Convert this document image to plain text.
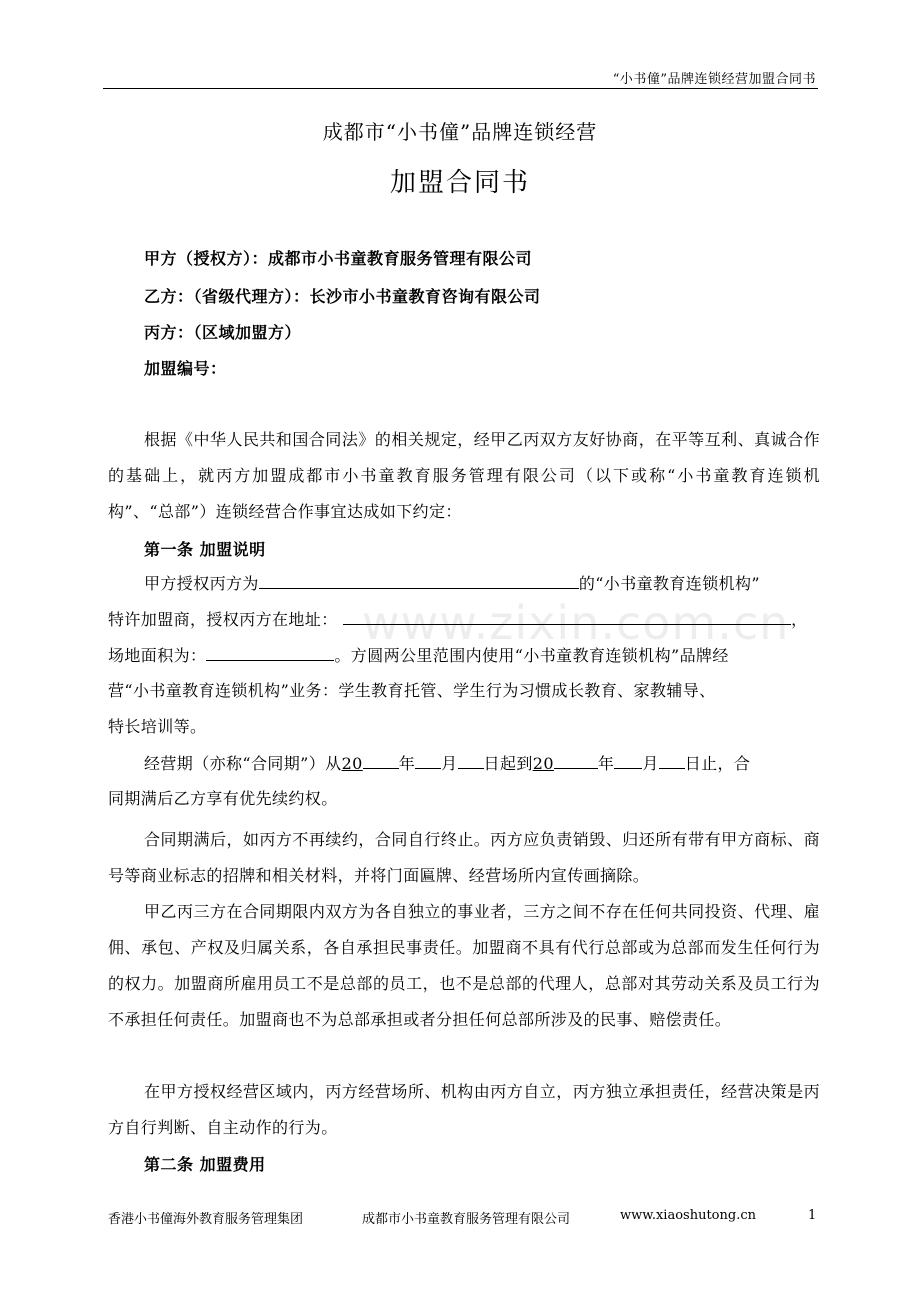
“小书僮”品牌连锁经营加盟合同书
成都市“小书僮”品牌连锁经营
加盟合同书
甲方（授权方）：成都市小书童教育服务管理有限公司
乙方：（省级代理方）：长沙市小书童教育咨询有限公司
丙方：（区域加盟方）
加盟编号：
根据《中华人民共和国合同法》的相关规定，经甲乙丙双方友好协商，在平等互利、真诚合作的基础上，就丙方加盟成都市小书童教育服务管理有限公司（以下或称“小书童教育连锁机构”、“总部”）连锁经营合作事宜达成如下约定：
第一条 加盟说明
甲方授权丙方为	的“小书童教育连锁机构”
特许加盟商，授权丙方在地址：	，
场地面积为：	。方圆两公里范围内使用“小书童教育连锁机构”品牌经
营“小书童教育连锁机构”业务：学生教育托管、学生行为习惯成长教育、家教辅导、
特长培训等。
经营期（亦称“合同期”）从20 年 月 日起到20	年 月 日止，合
同期满后乙方享有优先续约权。
合同期满后，如丙方不再续约，合同自行终止。丙方应负责销毁、归还所有带有甲方商标、商号等商业标志的招牌和相关材料，并将门面匾牌、经营场所内宣传画摘除。
甲乙丙三方在合同期限内双方为各自独立的事业者，三方之间不存在任何共同投资、代理、雇佣、承包、产权及归属关系，各自承担民事责任。加盟商不具有代行总部或为总部而发生任何行为的权力。加盟商所雇用员工不是总部的员工，也不是总部的代理人，总部对其劳动关系及员工行为不承担任何责任。加盟商也不为总部承担或者分担任何总部所涉及的民事、赔偿责任。
在甲方授权经营区域内，丙方经营场所、机构由丙方自立，丙方独立承担责任，经营决策是丙方自行判断、自主动作的行为。
第二条 加盟费用
www.zixin.com.cn
香港小书僮海外教育服务管理集团	成都市小书童教育服务管理有限公司	www.xiaoshutong.cn	1
